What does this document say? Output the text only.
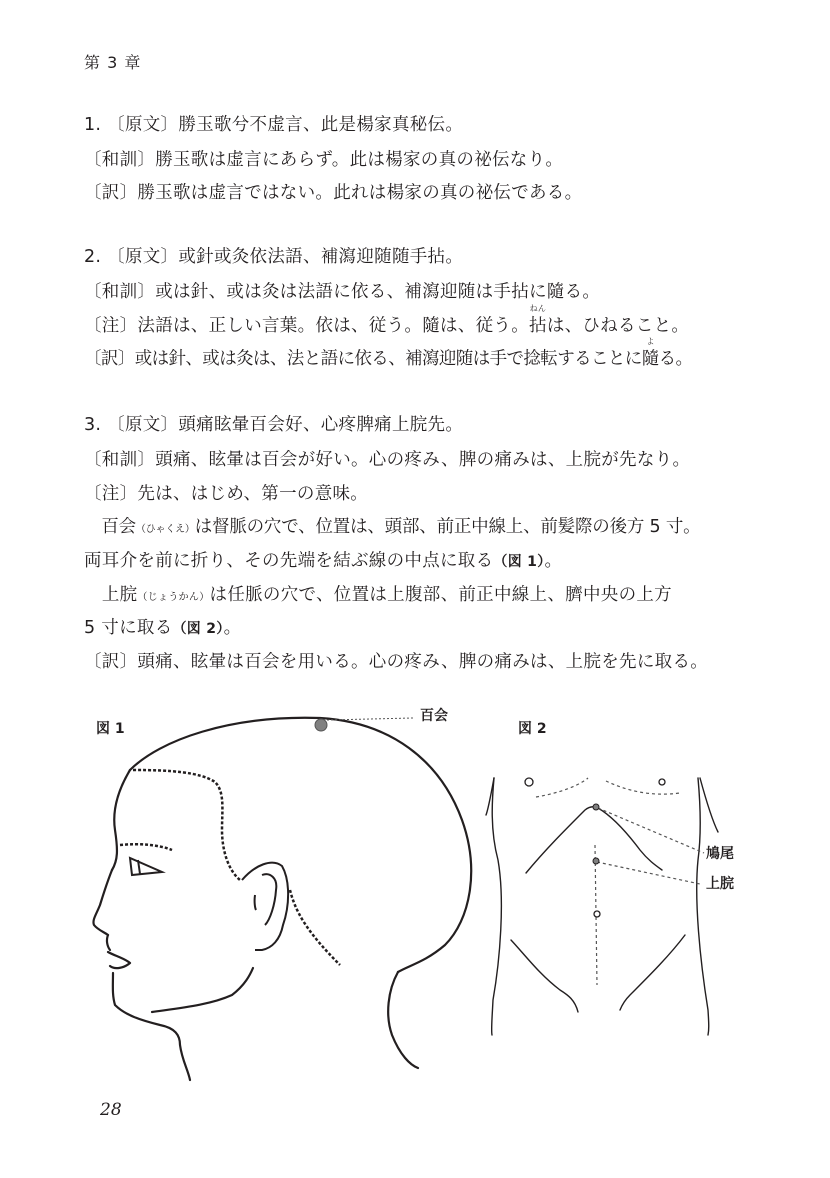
第 3 章
1. 〔原文〕勝玉歌兮不虚言、此是楊家真秘伝。
〔和訓〕勝玉歌は虚言にあらず。此は楊家の真の祕伝なり。
〔訳〕勝玉歌は虚言ではない。此れは楊家の真の祕伝である。
2. 〔原文〕或針或灸依法語、補瀉迎随随手拈。
〔和訓〕或は針、或は灸は法語に依る、補瀉迎随は手拈に隨る。
〔注〕法語は、正しい言葉。依は、従う。隨は、従う。
ねん
拈は、ひねること。
〔訳〕或は針、或は灸は、法と語に依る、補瀉迎随は手で捻転することに
よ
隨る。
3. 〔原文〕頭痛眩暈百会好、心疼脾痛上脘先。
〔和訓〕頭痛、眩暈は百会が好い。心の疼み、脾の痛みは、上脘が先なり。
〔注〕先は、はじめ、第一の意味。
　百会（ひゃくえ）は督脈の穴で、位置は、頭部、前正中線上、前髪際の後方 5 寸。
両耳介を前に折り、その先端を結ぶ線の中点に取る（図 1）。
　上脘（じょうかん）は任脈の穴で、位置は上腹部、前正中線上、臍中央の上方
5 寸に取る（図 2）。
〔訳〕頭痛、眩暈は百会を用いる。心の疼み、脾の痛みは、上脘を先に取る。
図 1
百会
図 2
鳩尾
上脘
28
